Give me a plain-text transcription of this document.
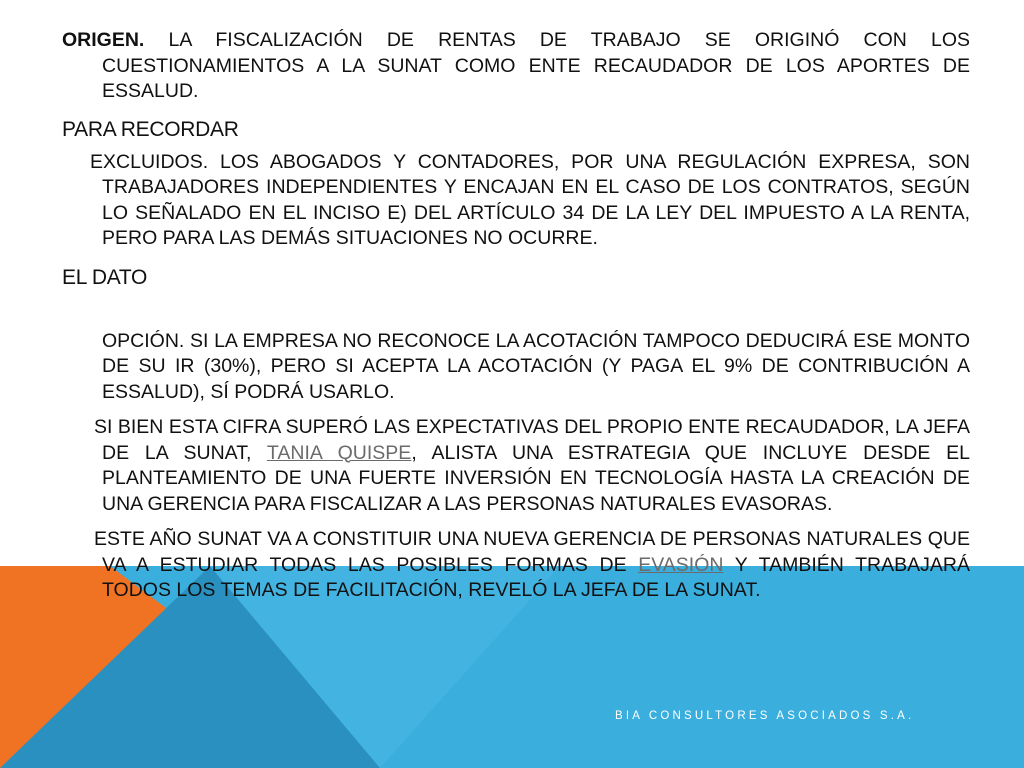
ORIGEN. LA FISCALIZACIÓN DE RENTAS DE TRABAJO SE ORIGINÓ CON LOS CUESTIONAMIENTOS A LA SUNAT COMO ENTE RECAUDADOR DE LOS APORTES DE ESSALUD.

PARA RECORDAR

EXCLUIDOS. LOS ABOGADOS Y CONTADORES, POR UNA REGULACIÓN EXPRESA, SON TRABAJADORES INDEPENDIENTES Y ENCAJAN EN EL CASO DE LOS CONTRATOS, SEGÚN LO SEÑALADO EN EL INCISO E) DEL ARTÍCULO 34 DE LA LEY DEL IMPUESTO A LA RENTA, PERO PARA LAS DEMÁS SITUACIONES NO OCURRE.

EL DATO

OPCIÓN. SI LA EMPRESA NO RECONOCE LA ACOTACIÓN TAMPOCO DEDUCIRÁ ESE MONTO DE SU IR (30%), PERO SI ACEPTA LA ACOTACIÓN (Y PAGA EL 9% DE CONTRIBUCIÓN A ESSALUD), SÍ PODRÁ USARLO.

SI BIEN ESTA CIFRA SUPERÓ LAS EXPECTATIVAS DEL PROPIO ENTE RECAUDADOR, LA JEFA DE LA SUNAT, TANIA QUISPE, ALISTA UNA ESTRATEGIA QUE INCLUYE DESDE EL PLANTEAMIENTO DE UNA FUERTE INVERSIÓN EN TECNOLOGÍA HASTA LA CREACIÓN DE UNA GERENCIA PARA FISCALIZAR A LAS PERSONAS NATURALES EVASORAS.

ESTE AÑO SUNAT VA A CONSTITUIR UNA NUEVA GERENCIA DE PERSONAS NATURALES QUE VA A ESTUDIAR TODAS LAS POSIBLES FORMAS DE EVASIÓN Y TAMBIÉN TRABAJARÁ TODOS LOS TEMAS DE FACILITACIÓN, REVELÓ LA JEFA DE LA SUNAT.

BIA CONSULTORES ASOCIADOS S.A.
